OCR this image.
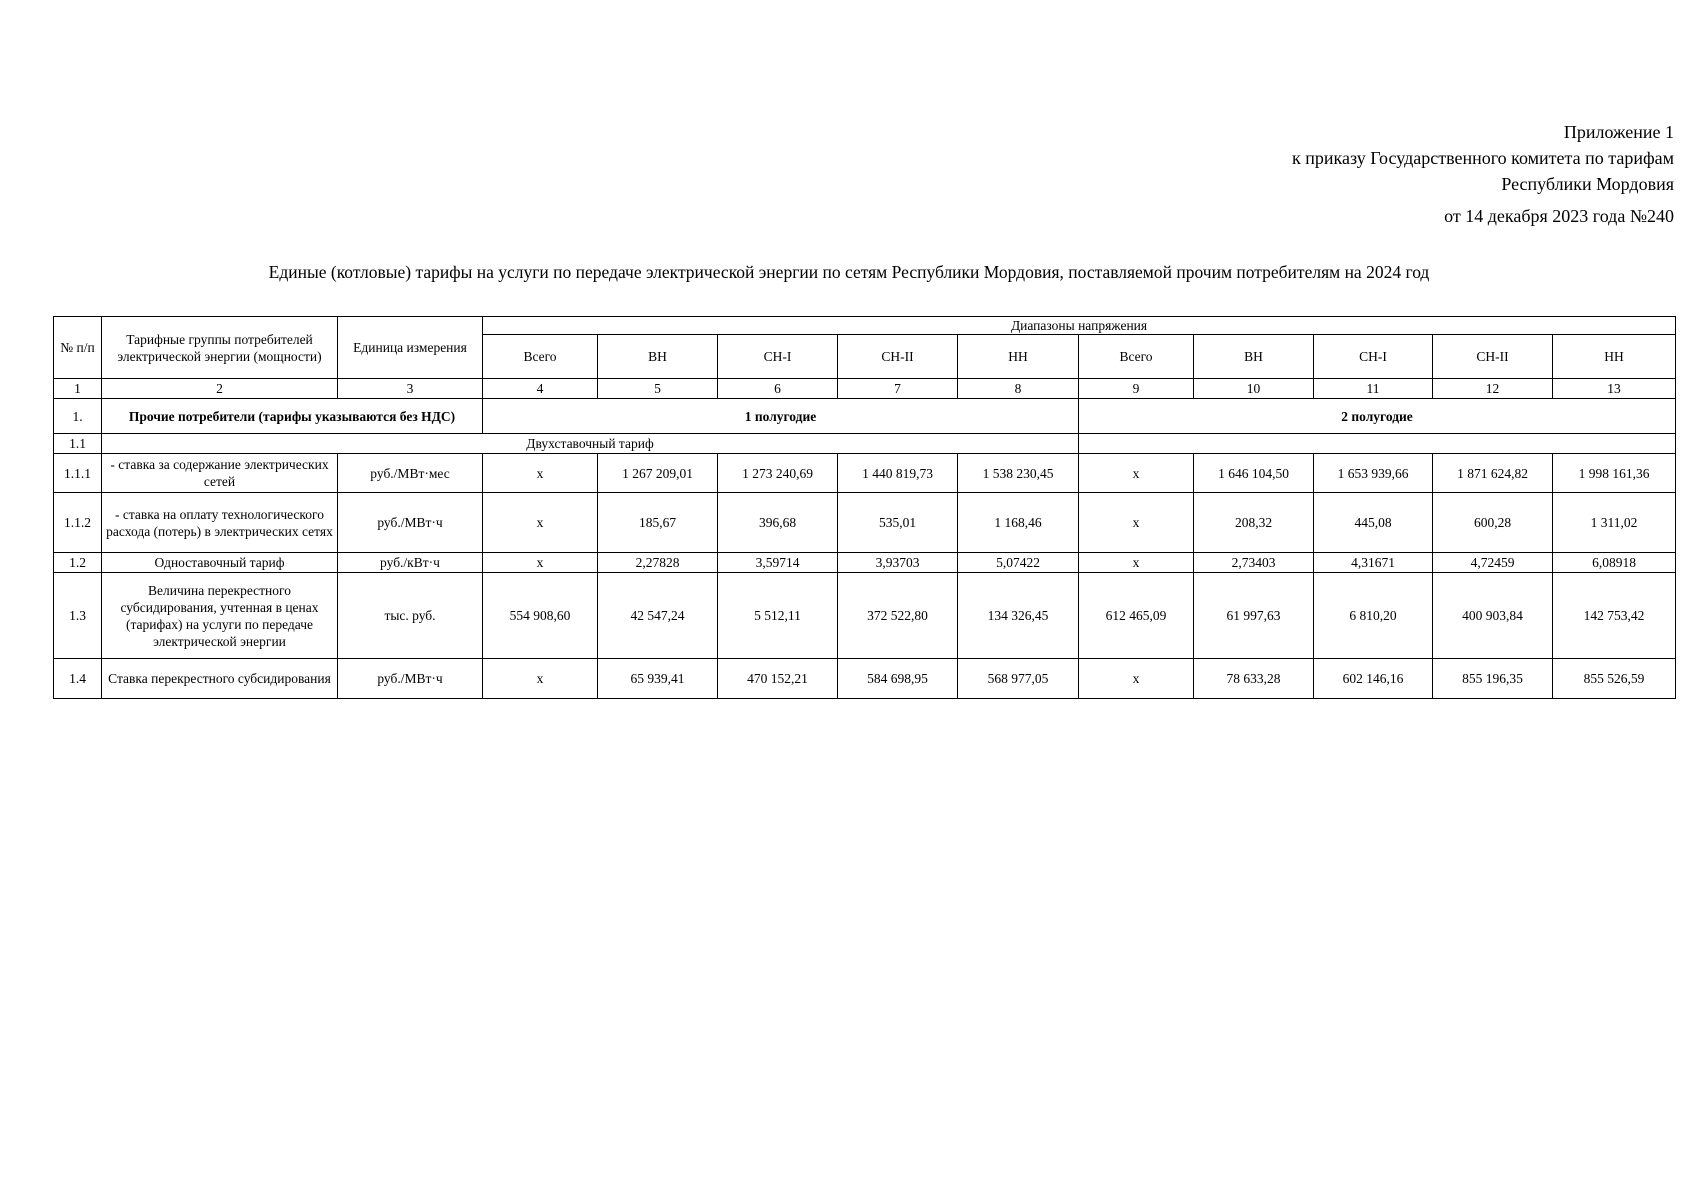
Приложение 1
к приказу Государственного комитета по тарифам
Республики Мордовия
от 14 декабря 2023 года №240
Единые (котловые) тарифы на услуги по передаче электрической энергии по сетям Республики Мордовия, поставляемой прочим потребителям на 2024 год
№ п/п	Тарифные группы потребителей электрической энергии (мощности)	Единица измерения	Диапазоны напряжения									
			Всего	ВН	СН-I	СН-II	НН	Всего	ВН	СН-I	СН-II	НН
1	2	3	4	5	6	7	8	9	10	11	12	13
1.	Прочие потребители (тарифы указываются без НДС)		1 полугодие					2 полугодие				
1.1	Двухставочный тариф											
1.1.1	- ставка за содержание электрических сетей	руб./МВт·мес	x	1 267 209,01	1 273 240,69	1 440 819,73	1 538 230,45	x	1 646 104,50	1 653 939,66	1 871 624,82	1 998 161,36
1.1.2	- ставка на оплату технологического расхода (потерь) в электрических сетях	руб./МВт·ч	x	185,67	396,68	535,01	1 168,46	x	208,32	445,08	600,28	1 311,02
1.2	Одноставочный тариф	руб./кВт·ч	x	2,27828	3,59714	3,93703	5,07422	x	2,73403	4,31671	4,72459	6,08918
1.3	Величина перекрестного субсидирования, учтенная в ценах (тарифах) на услуги по передаче электрической энергии	тыс. руб.	554 908,60	42 547,24	5 512,11	372 522,80	134 326,45	612 465,09	61 997,63	6 810,20	400 903,84	142 753,42
1.4	Ставка перекрестного субсидирования	руб./МВт·ч	x	65 939,41	470 152,21	584 698,95	568 977,05	x	78 633,28	602 146,16	855 196,35	855 526,59
